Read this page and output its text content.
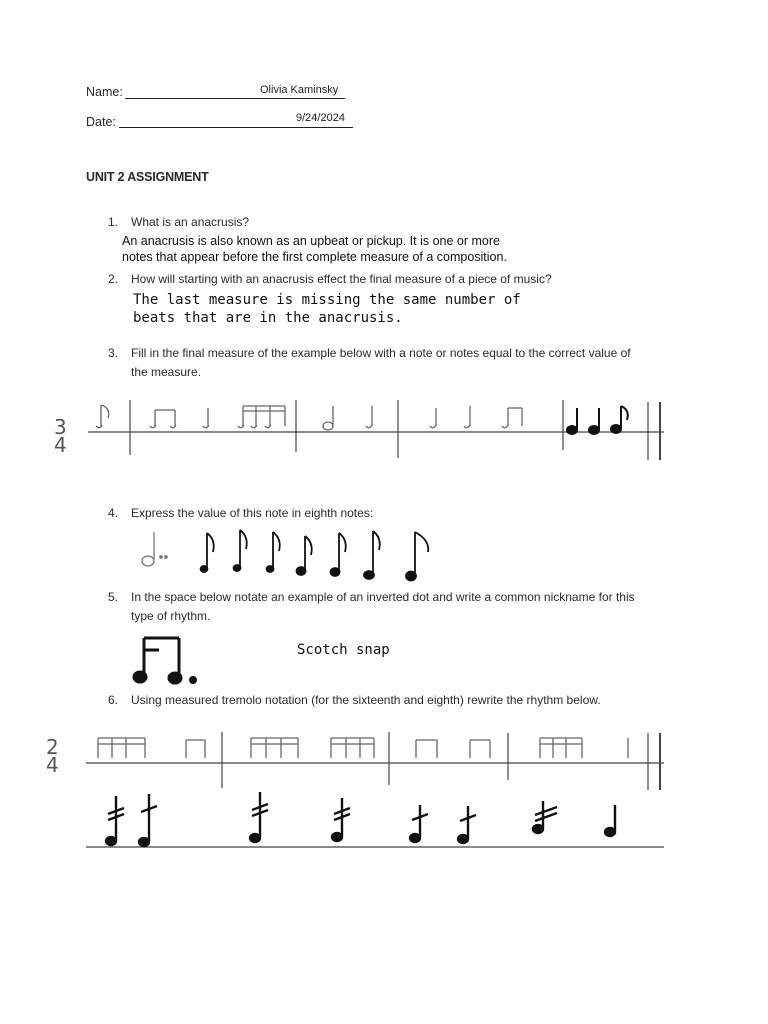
Name:	Olivia Kaminsky
Date:	9/24/2024
UNIT 2 ASSIGNMENT
1. What is an anacrusis?
An anacrusis is also known as an upbeat or pickup. It is one or more
notes that appear before the first complete measure of a composition.
2. How will starting with an anacrusis effect the final measure of a piece of music?
The last measure is missing the same number of
beats that are in the anacrusis.
3. Fill in the final measure of the example below with a note or notes equal to the correct value of
the measure.
3
4
4. Express the value of this note in eighth notes:
5. In the space below notate an example of an inverted dot and write a common nickname for this
type of rhythm.
Scotch snap
6. Using measured tremolo notation (for the sixteenth and eighth) rewrite the rhythm below.
2
4
